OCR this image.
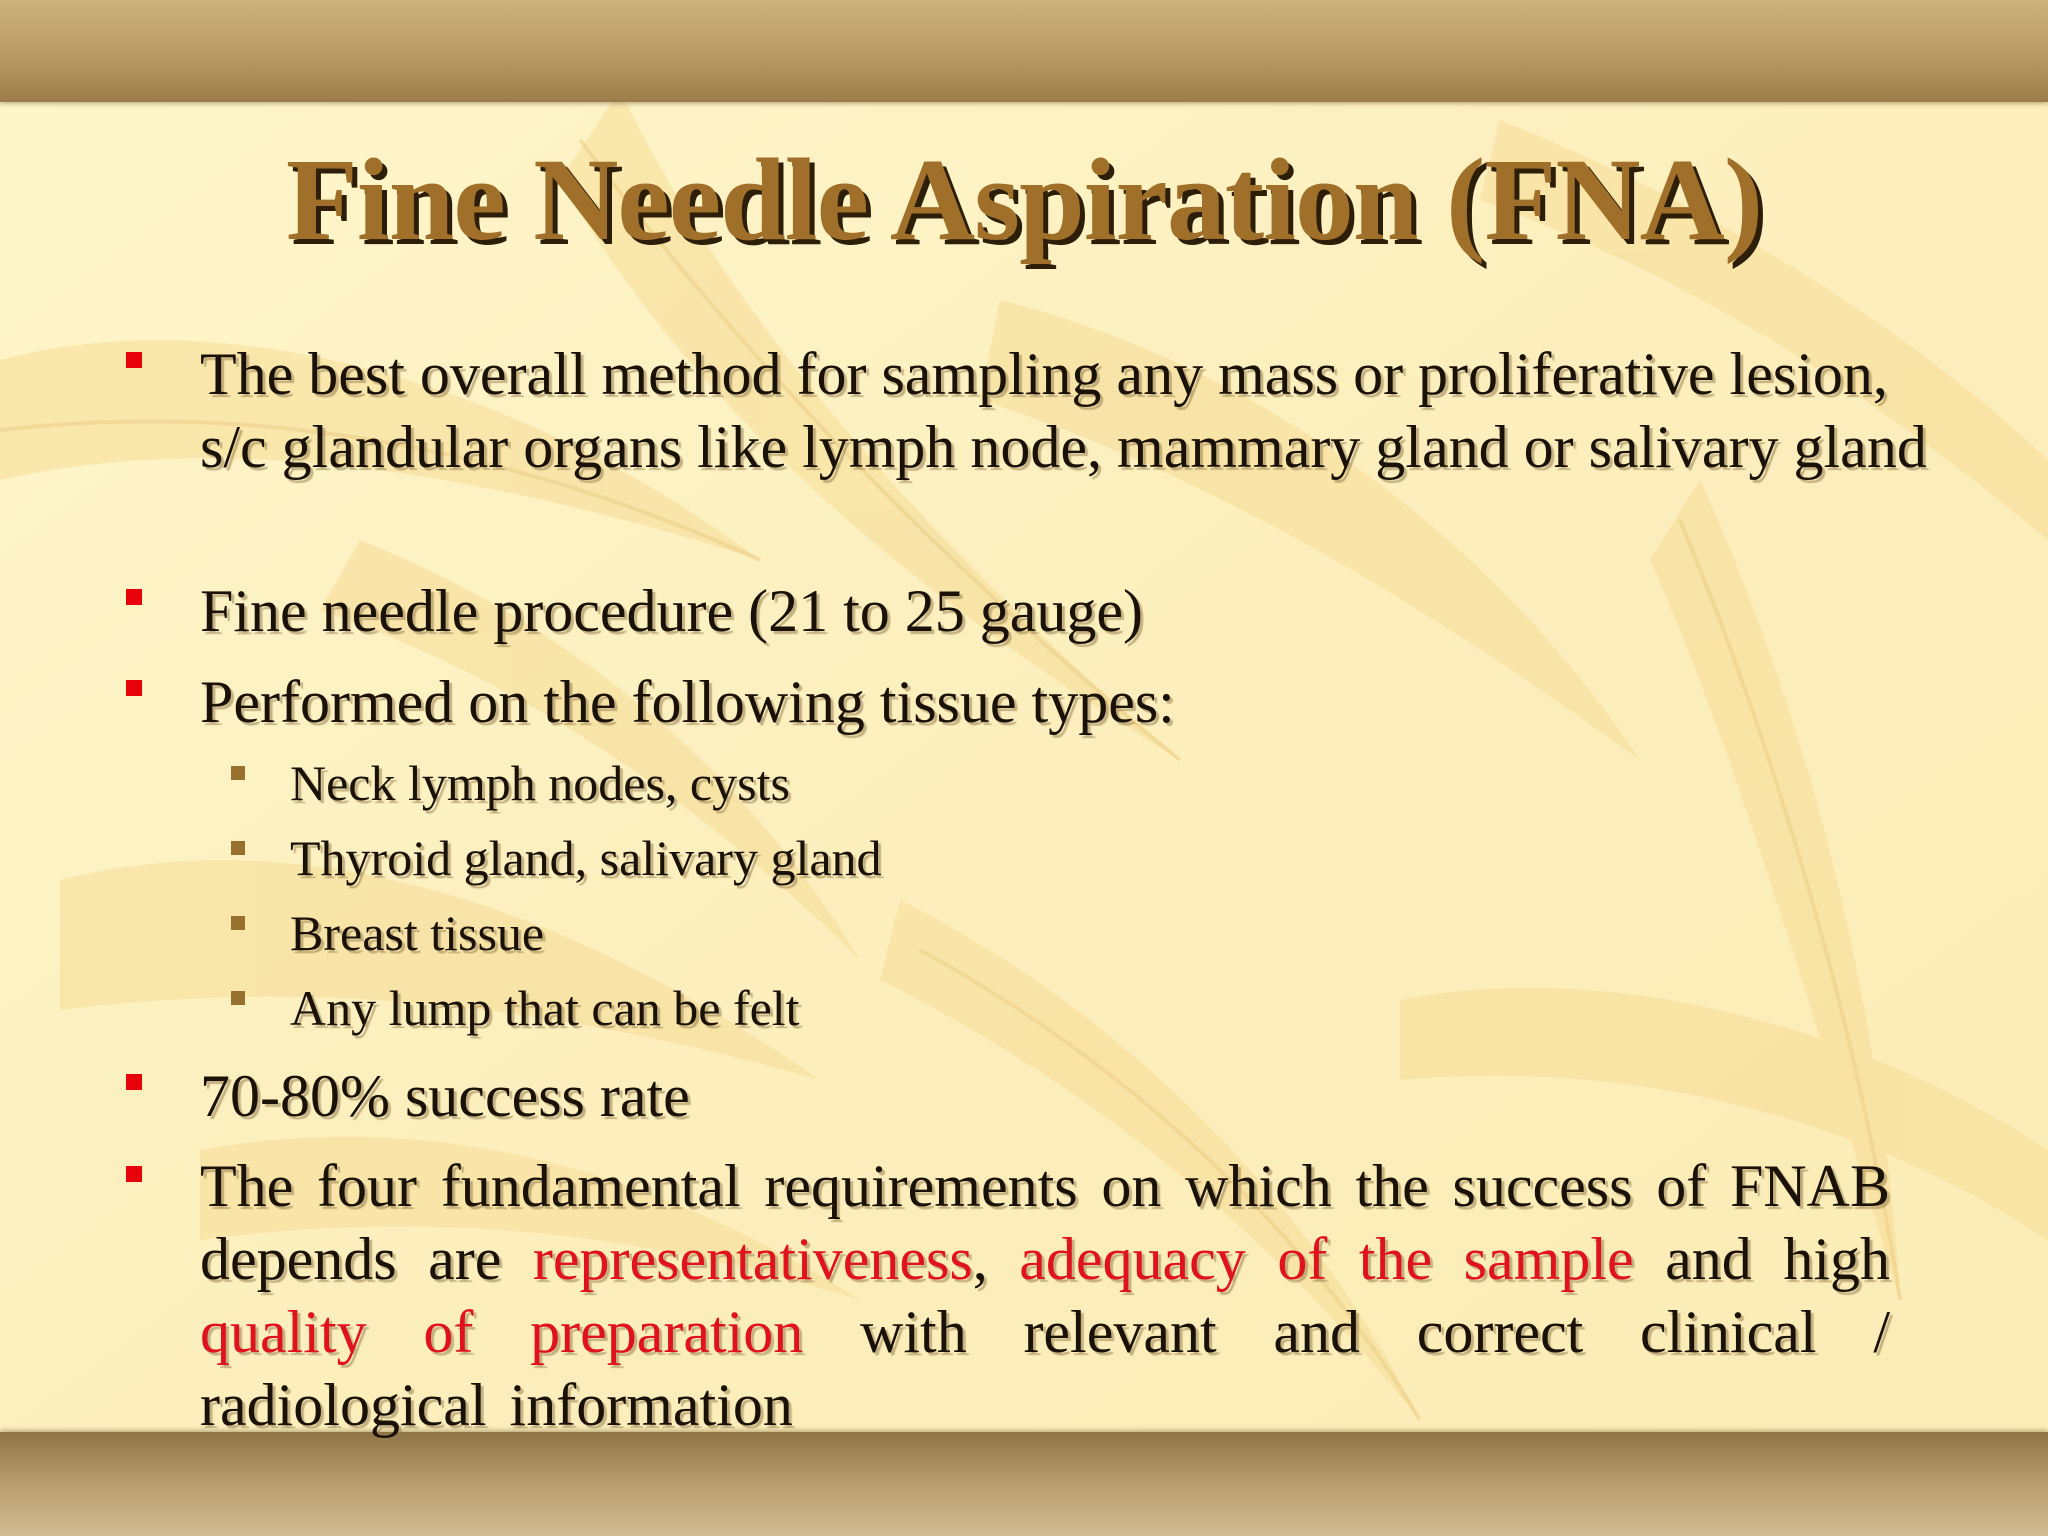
Fine Needle Aspiration (FNA)
The best overall method for sampling any mass or proliferative lesion, s/c glandular organs like lymph node, mammary gland or salivary gland
Fine needle procedure (21 to 25 gauge)
Performed on the following tissue types:
Neck lymph nodes, cysts
Thyroid gland, salivary gland
Breast tissue
Any lump that can be felt
70-80% success rate
The four fundamental requirements on which the success of FNAB depends are representativeness, adequacy of the sample and high quality of preparation with relevant and correct clinical / radiological information
